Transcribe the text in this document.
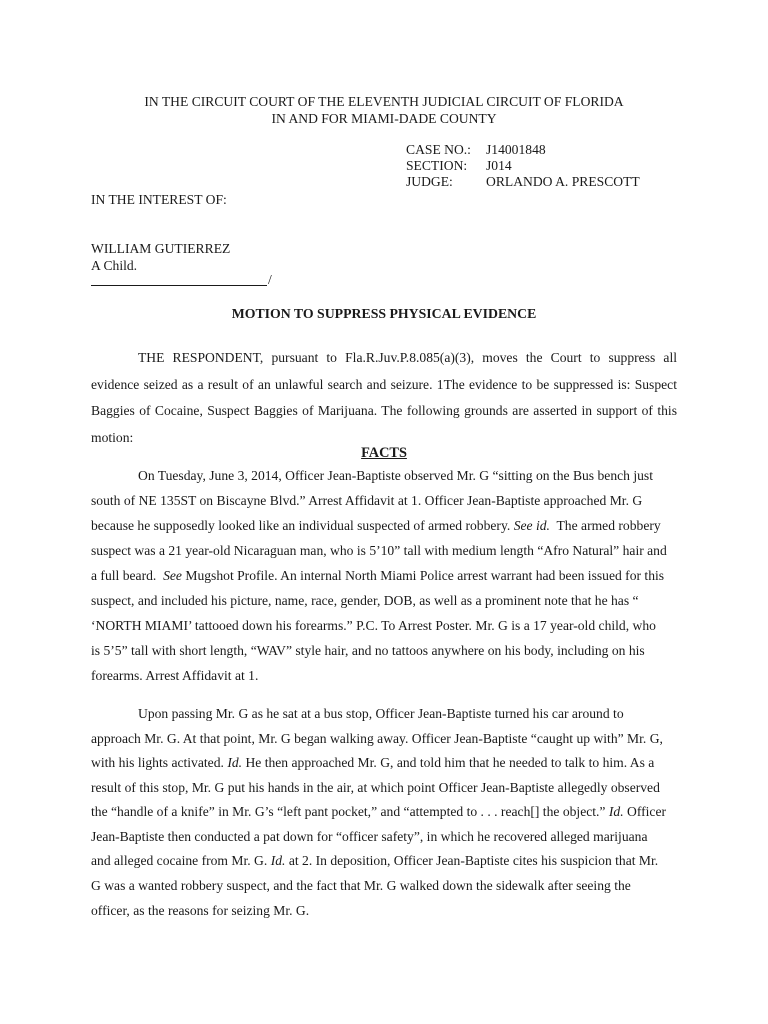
IN THE CIRCUIT COURT OF THE ELEVENTH JUDICIAL CIRCUIT OF FLORIDA
IN AND FOR MIAMI-DADE COUNTY
CASE NO.:	J14001848
SECTION:	J014
JUDGE:	ORLANDO A. PRESCOTT
IN THE INTEREST OF:
WILLIAM GUTIERREZ
A Child.
/
MOTION TO SUPPRESS PHYSICAL EVIDENCE
THE RESPONDENT, pursuant to Fla.R.Juv.P.8.085(a)(3), moves the Court to suppress all evidence seized as a result of an unlawful search and seizure. 1The evidence to be suppressed is: Suspect Baggies of Cocaine, Suspect Baggies of Marijuana. The following grounds are asserted in support of this motion:
FACTS
On Tuesday, June 3, 2014, Officer Jean-Baptiste observed Mr. G “sitting on the Bus bench just
south of NE 135ST on Biscayne Blvd.” Arrest Affidavit at 1. Officer Jean-Baptiste approached Mr. G
because he supposedly looked like an individual suspected of armed robbery. See id. The armed robbery
suspect was a 21 year-old Nicaraguan man, who is 5’10” tall with medium length “Afro Natural” hair and
a full beard. See Mugshot Profile. An internal North Miami Police arrest warrant had been issued for this
suspect, and included his picture, name, race, gender, DOB, as well as a prominent note that he has “
‘NORTH MIAMI’ tattooed down his forearms.” P.C. To Arrest Poster. Mr. G is a 17 year-old child, who
is 5’5” tall with short length, “WAV” style hair, and no tattoos anywhere on his body, including on his
forearms. Arrest Affidavit at 1.
Upon passing Mr. G as he sat at a bus stop, Officer Jean-Baptiste turned his car around to
approach Mr. G. At that point, Mr. G began walking away. Officer Jean-Baptiste “caught up with” Mr. G,
with his lights activated. Id. He then approached Mr. G, and told him that he needed to talk to him. As a
result of this stop, Mr. G put his hands in the air, at which point Officer Jean-Baptiste allegedly observed
the “handle of a knife” in Mr. G’s “left pant pocket,” and “attempted to . . . reach[] the object.” Id. Officer
Jean-Baptiste then conducted a pat down for “officer safety”, in which he recovered alleged marijuana
and alleged cocaine from Mr. G. Id. at 2. In deposition, Officer Jean-Baptiste cites his suspicion that Mr.
G was a wanted robbery suspect, and the fact that Mr. G walked down the sidewalk after seeing the
officer, as the reasons for seizing Mr. G.
